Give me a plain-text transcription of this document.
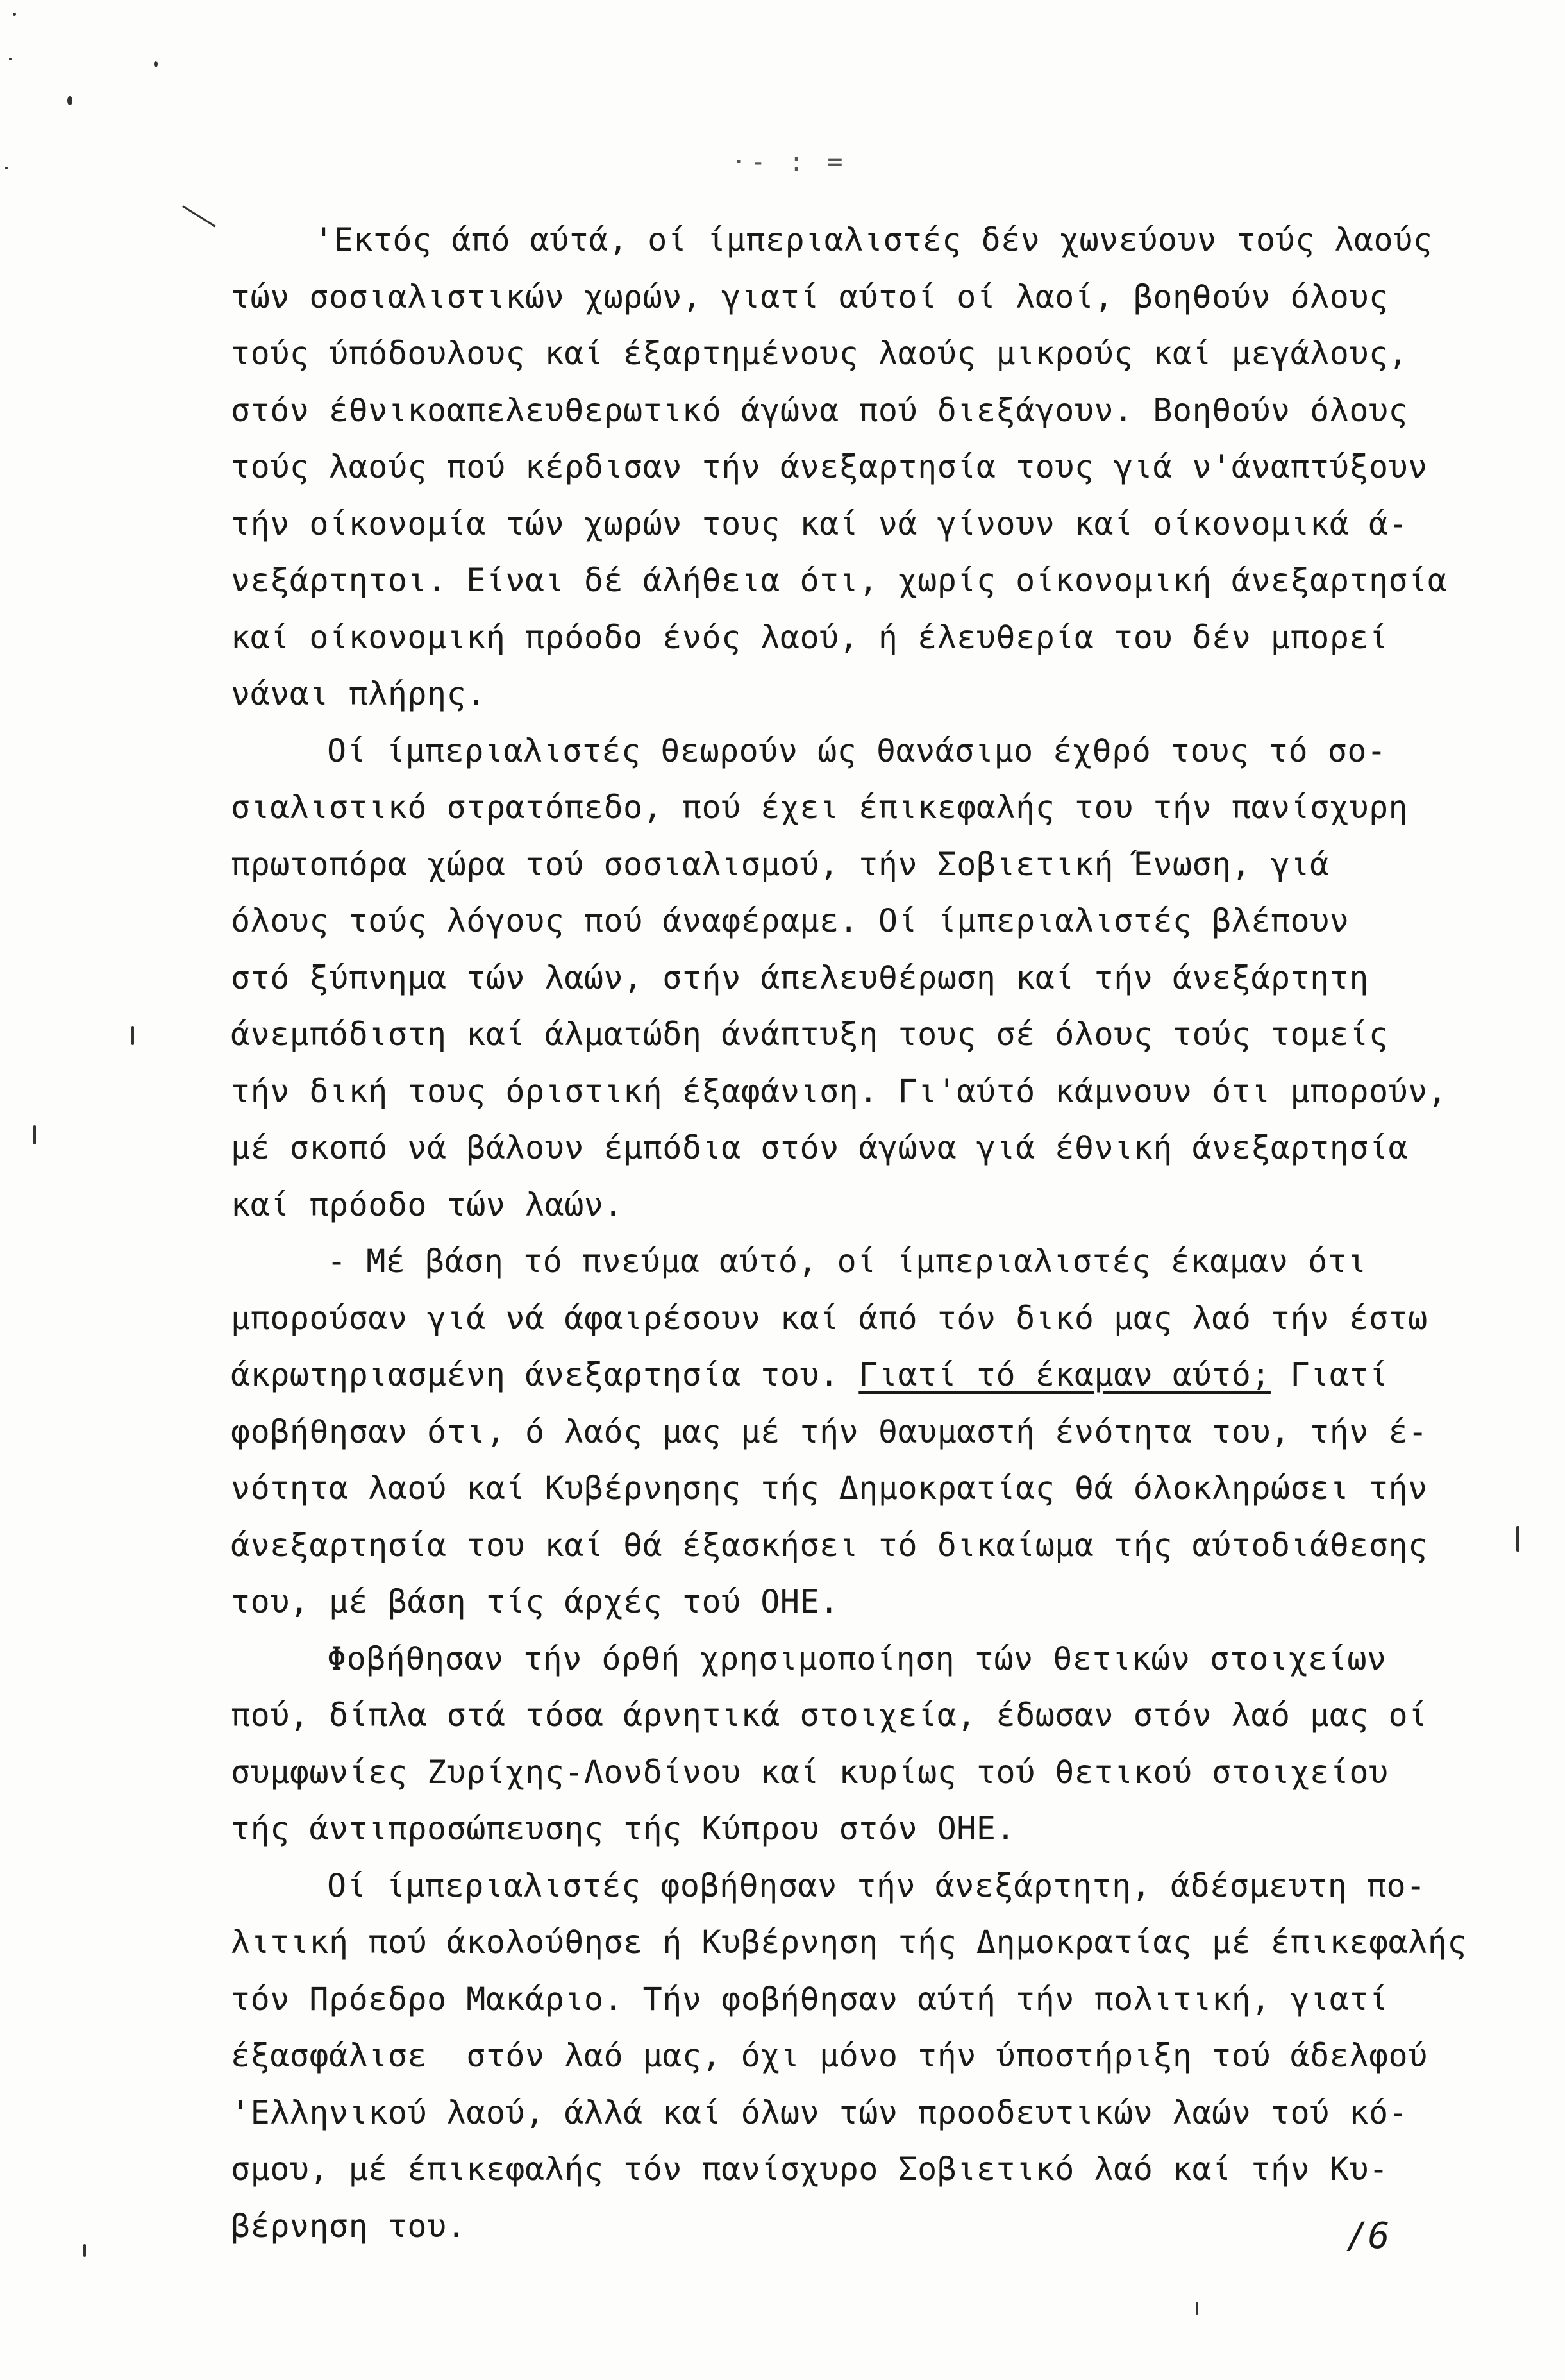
·- : =
'Εκτός άπό αύτά, οί ίμπεριαλιστές δέν χωνεύουν τούς λαούς
τών σοσιαλιστικών χωρών, γιατί αύτοί οί λαοί, βοηθούν όλους
τούς ύπόδουλους καί έξαρτημένους λαούς μικρούς καί μεγάλους,
στόν έθνικοαπελευθερωτικό άγώνα πού διεξάγουν. Βοηθούν όλους
τούς λαούς πού κέρδισαν τήν άνεξαρτησία τους γιά ν'άναπτύξουν
τήν οίκονομία τών χωρών τους καί νά γίνουν καί οίκονομικά ά-
νεξάρτητοι. Είναι δέ άλήθεια ότι, χωρίς οίκονομική άνεξαρτησία
καί οίκονομική πρόοδο ένός λαού, ή έλευθερία του δέν μπορεί
νάναι πλήρης.
Οί ίμπεριαλιστές θεωρούν ώς θανάσιμο έχθρό τους τό σο-
σιαλιστικό στρατόπεδο, πού έχει έπικεφαλής του τήν πανίσχυρη
πρωτοπόρα χώρα τού σοσιαλισμού, τήν Σοβιετική Ένωση, γιά
όλους τούς λόγους πού άναφέραμε. Οί ίμπεριαλιστές βλέπουν
στό ξύπνημα τών λαών, στήν άπελευθέρωση καί τήν άνεξάρτητη
άνεμπόδιστη καί άλματώδη άνάπτυξη τους σέ όλους τούς τομείς
τήν δική τους όριστική έξαφάνιση. Γι'αύτό κάμνουν ότι μπορούν,
μέ σκοπό νά βάλουν έμπόδια στόν άγώνα γιά έθνική άνεξαρτησία
καί πρόοδο τών λαών.
- Μέ βάση τό πνεύμα αύτό, οί ίμπεριαλιστές έκαμαν ότι
μπορούσαν γιά νά άφαιρέσουν καί άπό τόν δικό μας λαό τήν έστω
άκρωτηριασμένη άνεξαρτησία του. Γιατί τό έκαμαν αύτό; Γιατί
φοβήθησαν ότι, ό λαός μας μέ τήν θαυμαστή ένότητα του, τήν έ-
νότητα λαού καί Κυβέρνησης τής Δημοκρατίας θά όλοκληρώσει τήν
άνεξαρτησία του καί θά έξασκήσει τό δικαίωμα τής αύτοδιάθεσης
του, μέ βάση τίς άρχές τού ΟΗΕ.
Φοβήθησαν τήν όρθή χρησιμοποίηση τών θετικών στοιχείων
πού, δίπλα στά τόσα άρνητικά στοιχεία, έδωσαν στόν λαό μας οί
συμφωνίες Ζυρίχης-Λονδίνου καί κυρίως τού θετικού στοιχείου
τής άντιπροσώπευσης τής Κύπρου στόν ΟΗΕ.
Οί ίμπεριαλιστές φοβήθησαν τήν άνεξάρτητη, άδέσμευτη πο-
λιτική πού άκολούθησε ή Κυβέρνηση τής Δημοκρατίας μέ έπικεφαλής
τόν Πρόεδρο Μακάριο. Τήν φοβήθησαν αύτή τήν πολιτική, γιατί
έξασφάλισε  στόν λαό μας, όχι μόνο τήν ύποστήριξη τού άδελφού
'Ελληνικού λαού, άλλά καί όλων τών προοδευτικών λαών τού κό-
σμου, μέ έπικεφαλής τόν πανίσχυρο Σοβιετικό λαό καί τήν Κυ-
βέρνηση του.	/6
